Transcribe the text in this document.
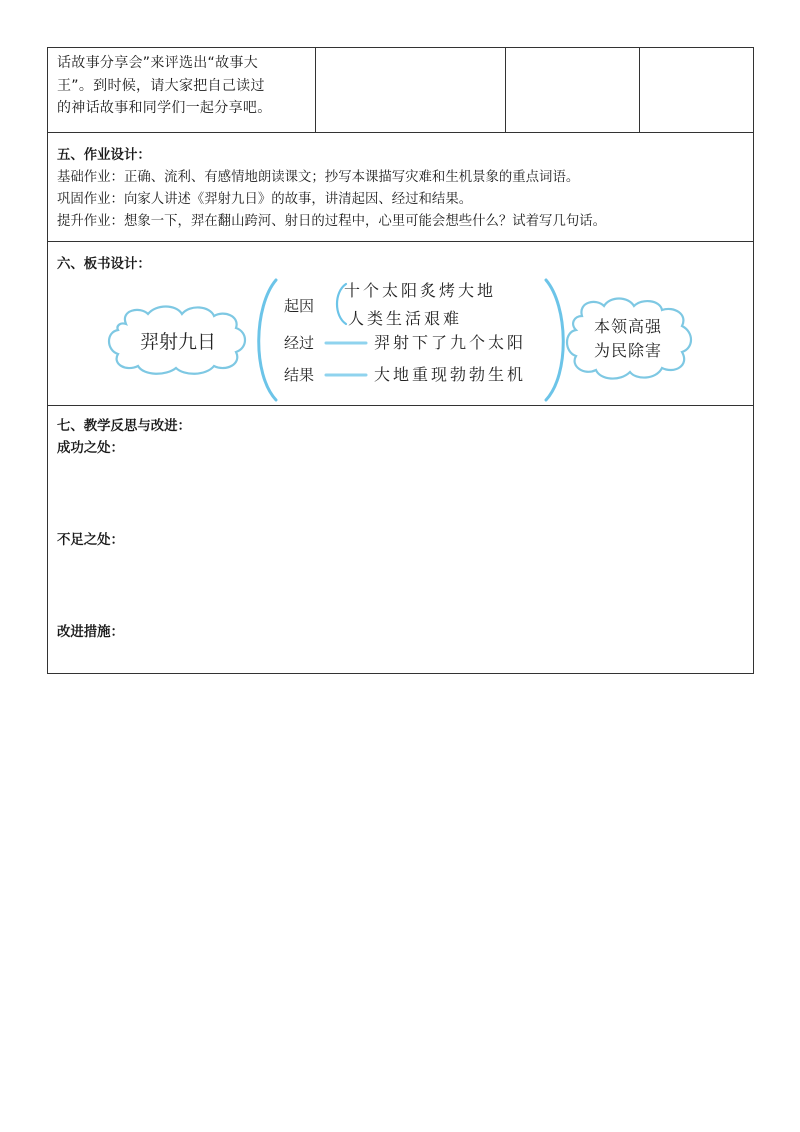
话故事分享会”来评选出“故事大
王”。到时候，请大家把自己读过
的神话故事和同学们一起分享吧。

五、作业设计：

基础作业：正确、流利、有感情地朗读课文；抄写本课描写灾难和生机景象的重点词语。

巩固作业：向家人讲述《羿射九日》的故事，讲清起因、经过和结果。

提升作业：想象一下，羿在翻山跨河、射日的过程中，心里可能会想些什么？试着写几句话。

六、板书设计：

羿射九日
起因
十个太阳炙烤大地
人类生活艰难
经过	羿射下了九个太阳
结果	大地重现勃勃生机
本领高强
为民除害

七、教学反思与改进：

成功之处：

不足之处：

改进措施：
